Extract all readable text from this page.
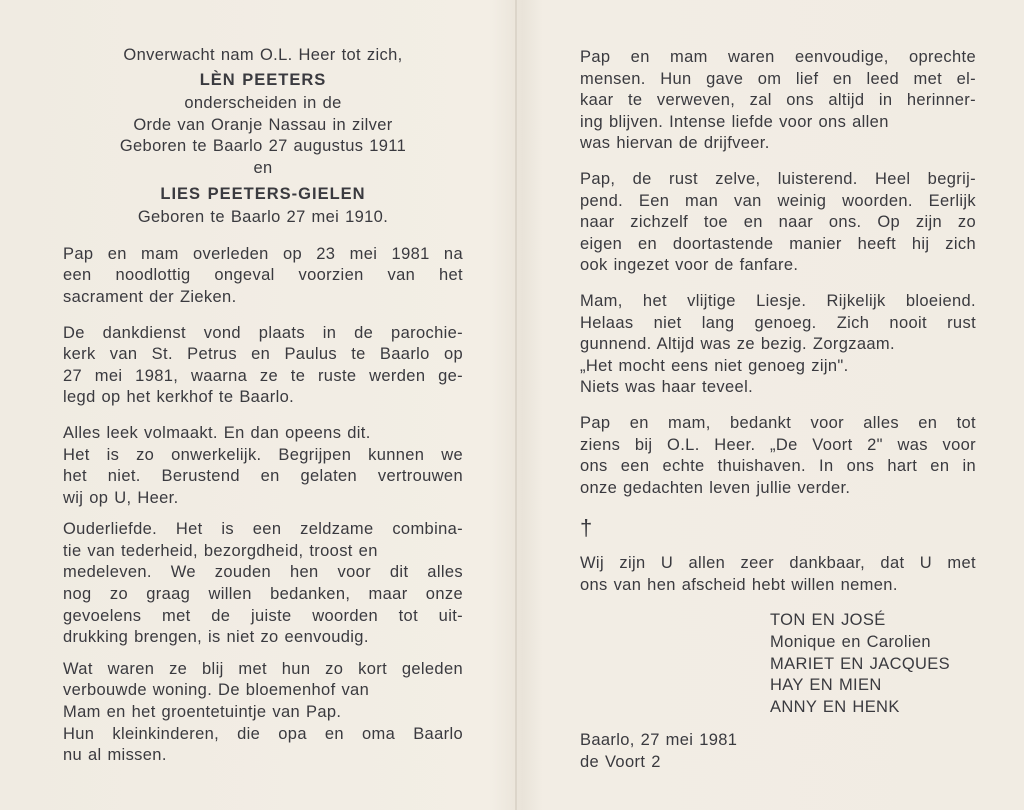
Onverwacht nam O.L. Heer tot zich,
LÈN PEETERS
onderscheiden in de
Orde van Oranje Nassau in zilver
Geboren te Baarlo 27 augustus 1911
en
LIES PEETERS-GIELEN
Geboren te Baarlo 27 mei 1910.
Pap en mam overleden op 23 mei 1981 na
een noodlottig ongeval voorzien van het
sacrament der Zieken.
De dankdienst vond plaats in de parochie-
kerk van St. Petrus en Paulus te Baarlo op
27 mei 1981, waarna ze te ruste werden ge-
legd op het kerkhof te Baarlo.
Alles leek volmaakt. En dan opeens dit.
Het is zo onwerkelijk. Begrijpen kunnen we
het niet. Berustend en gelaten vertrouwen
wij op U, Heer.
Ouderliefde. Het is een zeldzame combina-
tie van tederheid, bezorgdheid, troost en
medeleven. We zouden hen voor dit alles
nog zo graag willen bedanken, maar onze
gevoelens met de juiste woorden tot uit-
drukking brengen, is niet zo eenvoudig.
Wat waren ze blij met hun zo kort geleden
verbouwde woning. De bloemenhof van
Mam en het groentetuintje van Pap.
Hun kleinkinderen, die opa en oma Baarlo
nu al missen.
Pap en mam waren eenvoudige, oprechte
mensen. Hun gave om lief en leed met el-
kaar te verweven, zal ons altijd in herinner-
ing blijven. Intense liefde voor ons allen
was hiervan de drijfveer.
Pap, de rust zelve, luisterend. Heel begrij-
pend. Een man van weinig woorden. Eerlijk
naar zichzelf toe en naar ons. Op zijn zo
eigen en doortastende manier heeft hij zich
ook ingezet voor de fanfare.
Mam, het vlijtige Liesje. Rijkelijk bloeiend.
Helaas niet lang genoeg. Zich nooit rust
gunnend. Altijd was ze bezig. Zorgzaam.
„Het mocht eens niet genoeg zijn".
Niets was haar teveel.
Pap en mam, bedankt voor alles en tot
ziens bij O.L. Heer. „De Voort 2" was voor
ons een echte thuishaven. In ons hart en in
onze gedachten leven jullie verder.
†
Wij zijn U allen zeer dankbaar, dat U met
ons van hen afscheid hebt willen nemen.
TON EN JOSÉ
Monique en Carolien
MARIET EN JACQUES
HAY EN MIEN
ANNY EN HENK
Baarlo, 27 mei 1981
de Voort 2
